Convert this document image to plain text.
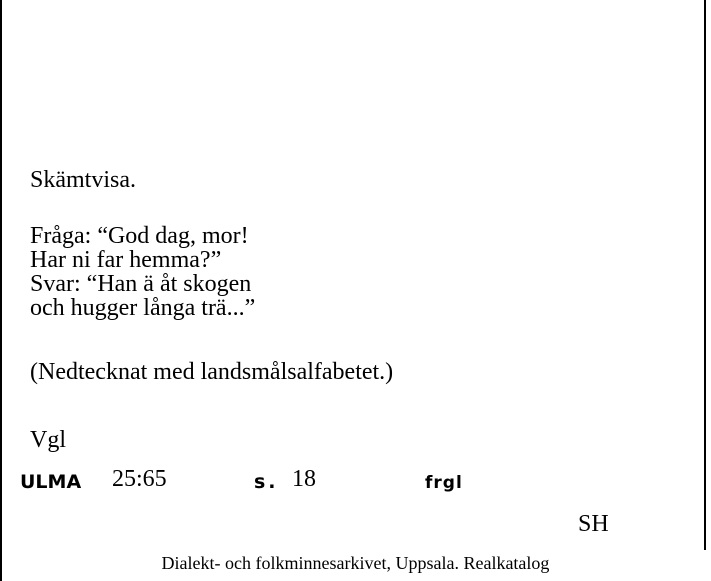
Skämtvisa.
Fråga: “God dag, mor!
Har ni far hemma?”
Svar: “Han ä åt skogen
och hugger långa trä...”
(Nedtecknat med landsmålsalfabetet.)
Vgl
ULMA 25:65	s. 18	frgl
SH
Dialekt- och folkminnesarkivet, Uppsala. Realkatalog
